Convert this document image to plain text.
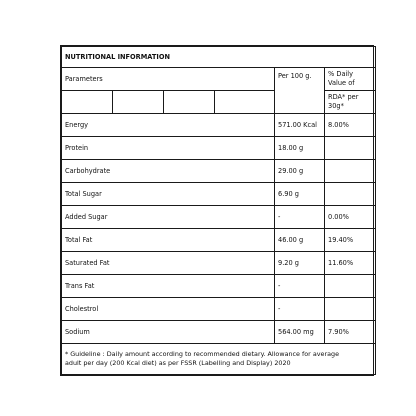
NUTRITIONAL INFORMATION					
Parameters				Per 100 g.	% Daily
Value of

					RDA* per
30g*

Energy				571.00 Kcal	8.00%
Protein				18.00 g	
Carbohydrate				29.00 g	
Total Sugar				6.90 g	
Added Sugar				-	0.00%
Total Fat				46.00 g	19.40%
Saturated Fat				9.20 g	11.60%
Trans Fat				-	
Cholestrol				-	
Sodium				564.00 mg	7.90%

* Guideline : Daily amount according to recommended dietary. Allowance for average
adult per day (200 Kcal diet) as per FSSR (Labelling and Display) 2020					
